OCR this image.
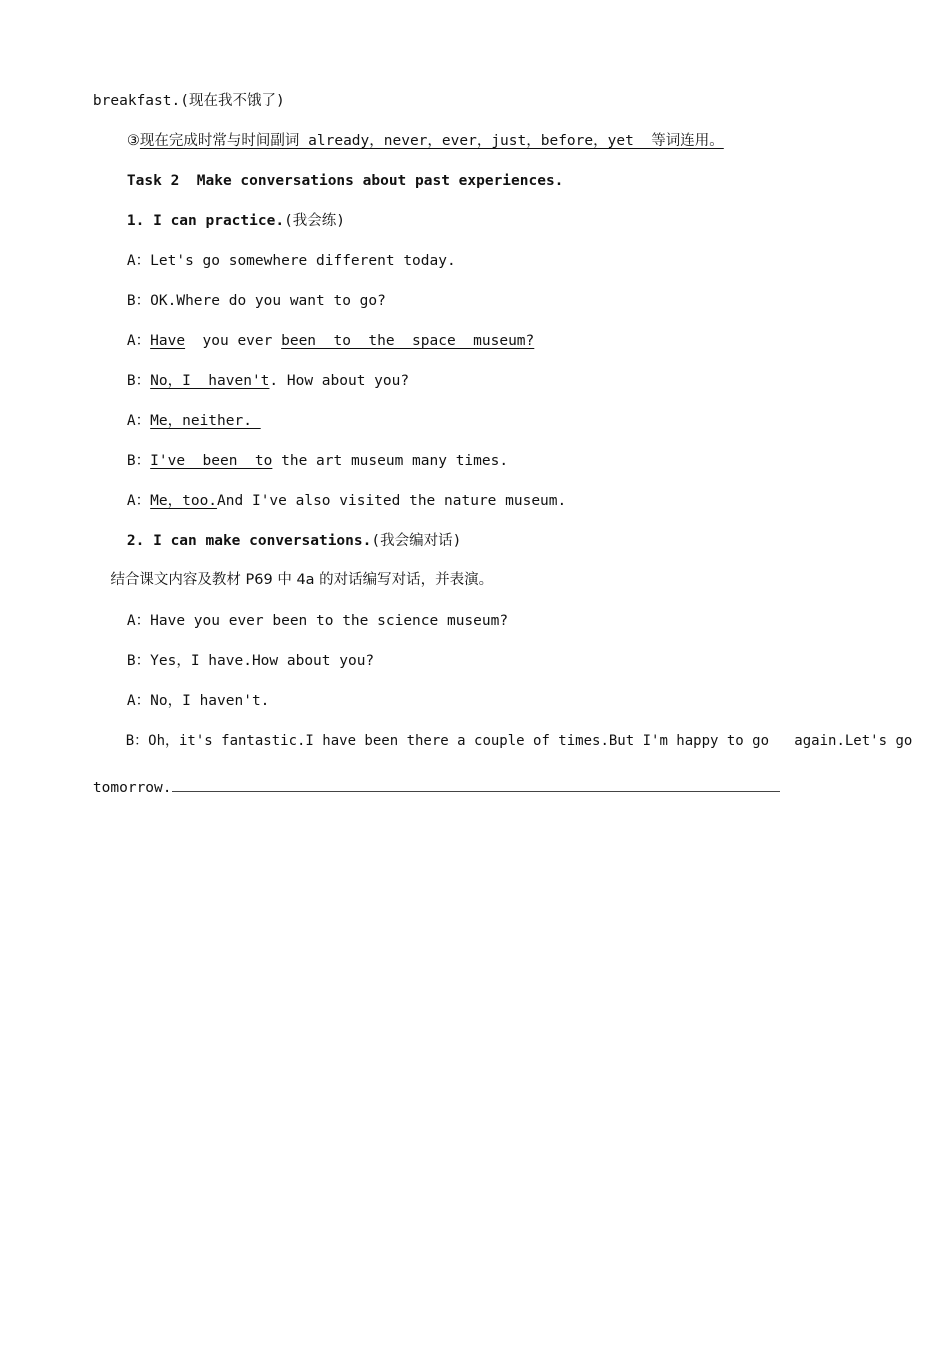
breakfast.(现在我不饿了)

③现在完成时常与时间副词 already，never，ever，just，before，yet  等词连用。

Task 2  Make conversations about past experiences.

1. I can practice.(我会练)

A：Let's go somewhere different today.

B：OK.Where do you want to go?

A：Have  you ever been  to  the  space  museum?

B：No，I  haven't. How about you?

A：Me，neither.

B：I've  been  to the art museum many times.

A：Me，too.And I've also visited the nature museum.

2. I can make conversations.(我会编对话)

结合课文内容及教材 P69 中 4a 的对话编写对话，并表演。

A：Have you ever been to the science museum?

B：Yes，I have.How about you?

A：No，I haven't.

B：Oh，it's fantastic.I have been there a couple of times.But I'm happy to go   again.Let's go

tomorrow.
